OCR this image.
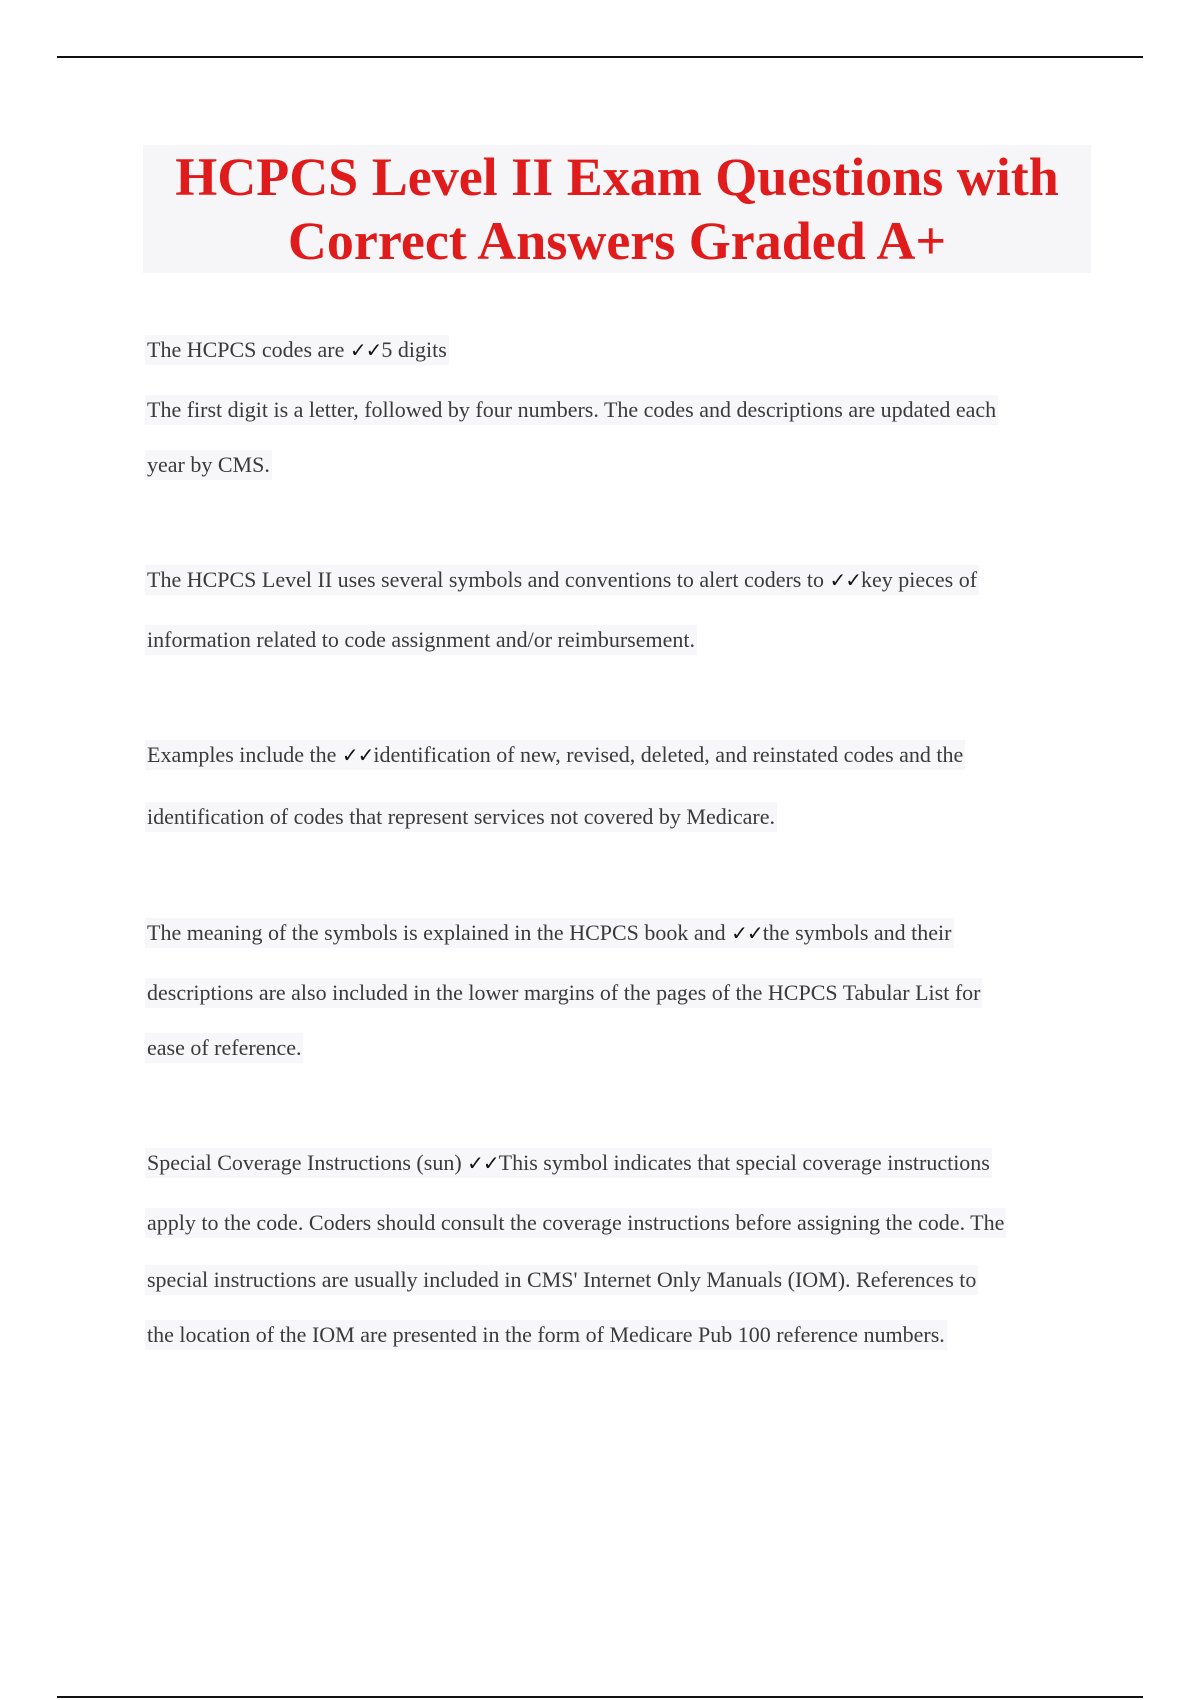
HCPCS Level II Exam Questions with
Correct Answers Graded A+
The HCPCS codes are ✓✓5 digits
The first digit is a letter, followed by four numbers. The codes and descriptions are updated each
year by CMS.
The HCPCS Level II uses several symbols and conventions to alert coders to ✓✓key pieces of
information related to code assignment and/or reimbursement.
Examples include the ✓✓identification of new, revised, deleted, and reinstated codes and the
identification of codes that represent services not covered by Medicare.
The meaning of the symbols is explained in the HCPCS book and ✓✓the symbols and their
descriptions are also included in the lower margins of the pages of the HCPCS Tabular List for
ease of reference.
Special Coverage Instructions (sun) ✓✓This symbol indicates that special coverage instructions
apply to the code. Coders should consult the coverage instructions before assigning the code. The
special instructions are usually included in CMS' Internet Only Manuals (IOM). References to
the location of the IOM are presented in the form of Medicare Pub 100 reference numbers.
